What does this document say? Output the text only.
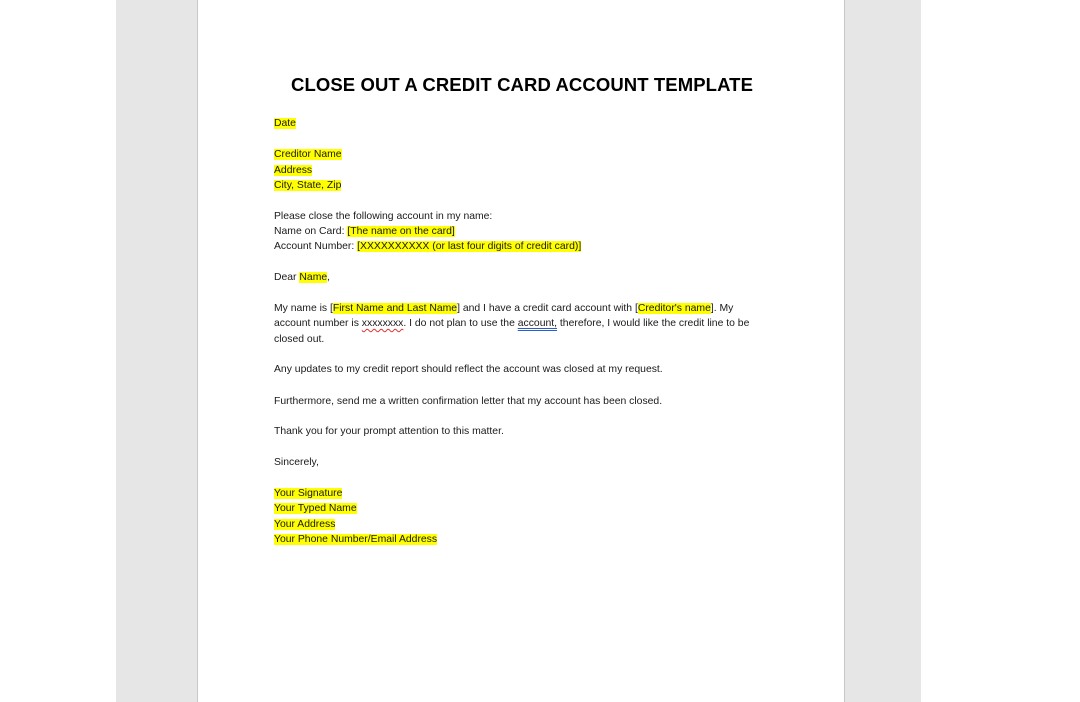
CLOSE OUT A CREDIT CARD ACCOUNT TEMPLATE
Date
Creditor Name
Address
City, State, Zip
Please close the following account in my name:
Name on Card: [The name on the card]
Account Number: [XXXXXXXXXX (or last four digits of credit card)]
Dear Name,
My name is [First Name and Last Name] and I have a credit card account with [Creditor's name]. My
account number is xxxxxxxx. I do not plan to use the account, therefore, I would like the credit line to be
closed out.
Any updates to my credit report should reflect the account was closed at my request.
Furthermore, send me a written confirmation letter that my account has been closed.
Thank you for your prompt attention to this matter.
Sincerely,
Your Signature
Your Typed Name
Your Address
Your Phone Number/Email Address
